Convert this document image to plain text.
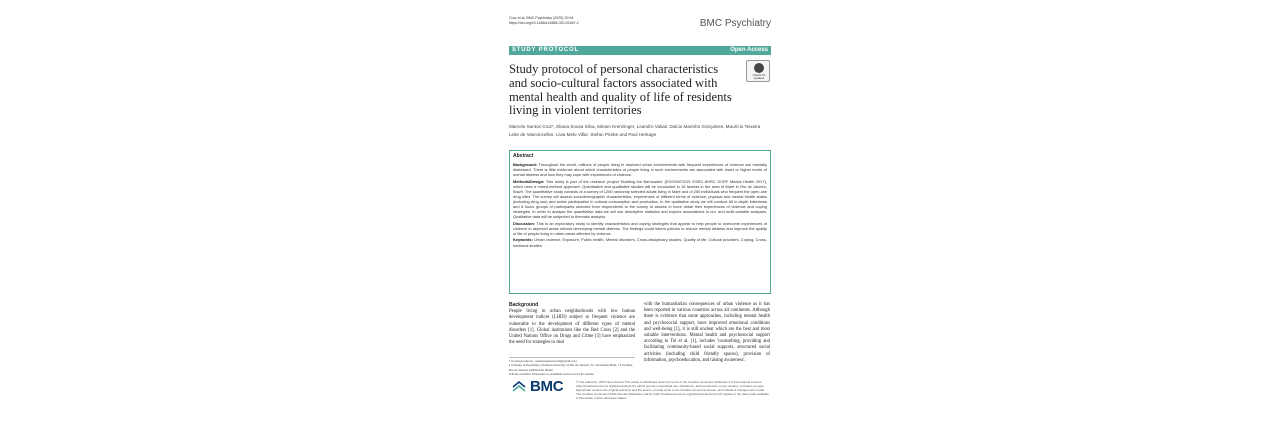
Cruz et al. BMC Psychiatry (2020) 20:94
https://doi.org/10.1186/s12888-020-02467-2	BMC Psychiatry
STUDY PROTOCOL	Open Access
Study protocol of personal characteristics and socio-cultural factors associated with mental health and quality of life of residents living in violent territories
Check for updates
Marcelo Santos Cruz*, Eliana Sousa Silva, Miriam Krenzinger, Leandro Valiati, Dalcio Marinho Gonçalves, Maurício Teixeira Leite de Vasconcellos, Livia Melo Villar, Stefan Priebe and Paul Heritage
Abstract

Background: Throughout the world, millions of people living in deprived urban environments with frequent experiences of violence are mentally distressed. There is little evidence about which characteristics of people living in such environments are associated with lower or higher levels of mental distress and how they may cope with experiences of violence.

Methods/Design: This study is part of the research project 'Building the Barricades' (ES/S000720/1 ESRC-AHRC GCRF Mental Health 2017), which uses a mixed-method approach. Quantitative and qualitative studies will be conducted in 16 favelas in the area of Maré in Rio de Janeiro, Brazil. The quantitative study consists of a survey of 1200 randomly selected adults living in Maré and of 200 individuals who frequent the open-use drug sites. The survey will assess sociodemographic characteristics, experiences of different forms of violence, physical and mental health status (including drug use) and active participation in cultural consumption and production. In the qualitative study we will conduct 60 in-depth interviews and 8 focus groups of participants selected from respondents to the survey to assess in more detail their experiences of violence and coping strategies. In order to analyse the quantitative data we will use descriptive statistics and explore associations in uni- and multi-variable analyses. Qualitative data will be subjected to thematic analysis.

Discussion: This is an exploratory study to identify characteristics and coping strategies that appear to help people to overcome experiences of violence in deprived areas without developing mental distress. The findings could inform policies to reduce mental distress and improve the quality of life of people living in urban areas affected by violence.

Keywords: Urban violence, Exposure, Public health, Mental disorders, Cross-disciplinary studies, Quality of life, Cultural practices, Coping, Cross-sectional studies

Background
People living in urban neighborhoods with low human development indices (LHDI) subject to frequent violence are vulnerable to the development of different types of mental disorders [1]. Global institutions like the Red Cross [2] and the United Nations Office on Drugs and Crime [3] have emphasized the need for strategies to deal
with the humanitarian consequences of urban violence as it has been reported in various countries across all continents. Although there is evidence that some approaches, including mental health and psychosocial support, have improved emotional conditions and well-being [1], it is still unclear which are the best and most suitable interventions. Mental health and psychosocial support according to Tol et al. [1], includes 'counselling, providing and facilitating community-based social supports, structured social activities (including child friendly spaces), provision of information, psychoeducation, and raising awareness'.
* Correspondence: marcelosantoscruz@gmail.com
1 Institute of Psychiatry, Federal University of Rio de Janeiro, Av. Venceslau Brás, 71 Fundos, Rio de Janeiro 22290-140, Brazil
Full list of author information is available at the end of the article
BMC	© The Author(s). 2020 Open Access This article is distributed under the terms of the Creative Commons Attribution 4.0 International License (http://creativecommons.org/licenses/by/4.0/), which permits unrestricted use, distribution, and reproduction in any medium, provided you give appropriate credit to the original author(s) and the source, provide a link to the Creative Commons license, and indicate if changes were made. The Creative Commons Public Domain Dedication waiver (http://creativecommons.org/publicdomain/zero/1.0/) applies to the data made available in this article, unless otherwise stated.
